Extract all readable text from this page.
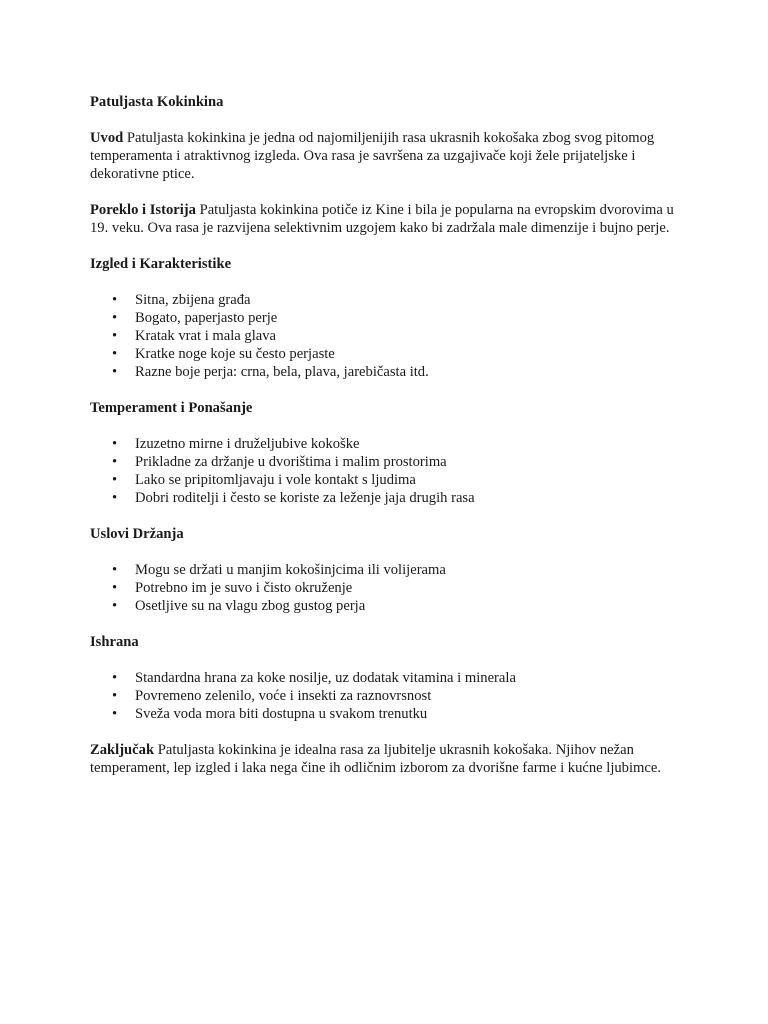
Patuljasta Kokinkina

Uvod Patuljasta kokinkina je jedna od najomiljenijih rasa ukrasnih kokošaka zbog svog pitomog temperamenta i atraktivnog izgleda. Ova rasa je savršena za uzgajivače koji žele prijateljske i dekorativne ptice.

Poreklo i Istorija Patuljasta kokinkina potiče iz Kine i bila je popularna na evropskim dvorovima u 19. veku. Ova rasa je razvijena selektivnim uzgojem kako bi zadržala male dimenzije i bujno perje.

Izgled i Karakteristike
• Sitna, zbijena građa
• Bogato, paperjasto perje
• Kratak vrat i mala glava
• Kratke noge koje su često perjaste
• Razne boje perja: crna, bela, plava, jarebičasta itd.
Temperament i Ponašanje
• Izuzetno mirne i druželjubive kokoške
• Prikladne za držanje u dvorištima i malim prostorima
• Lako se pripitomljavaju i vole kontakt s ljudima
• Dobri roditelji i često se koriste za leženje jaja drugih rasa
Uslovi Držanja
• Mogu se držati u manjim kokošinjcima ili volijerama
• Potrebno im je suvo i čisto okruženje
• Osetljive su na vlagu zbog gustog perja
Ishrana
• Standardna hrana za koke nosilje, uz dodatak vitamina i minerala
• Povremeno zelenilo, voće i insekti za raznovrsnost
• Sveža voda mora biti dostupna u svakom trenutku

Zaključak Patuljasta kokinkina je idealna rasa za ljubitelje ukrasnih kokošaka. Njihov nežan temperament, lep izgled i laka nega čine ih odličnim izborom za dvorišne farme i kućne ljubimce.
